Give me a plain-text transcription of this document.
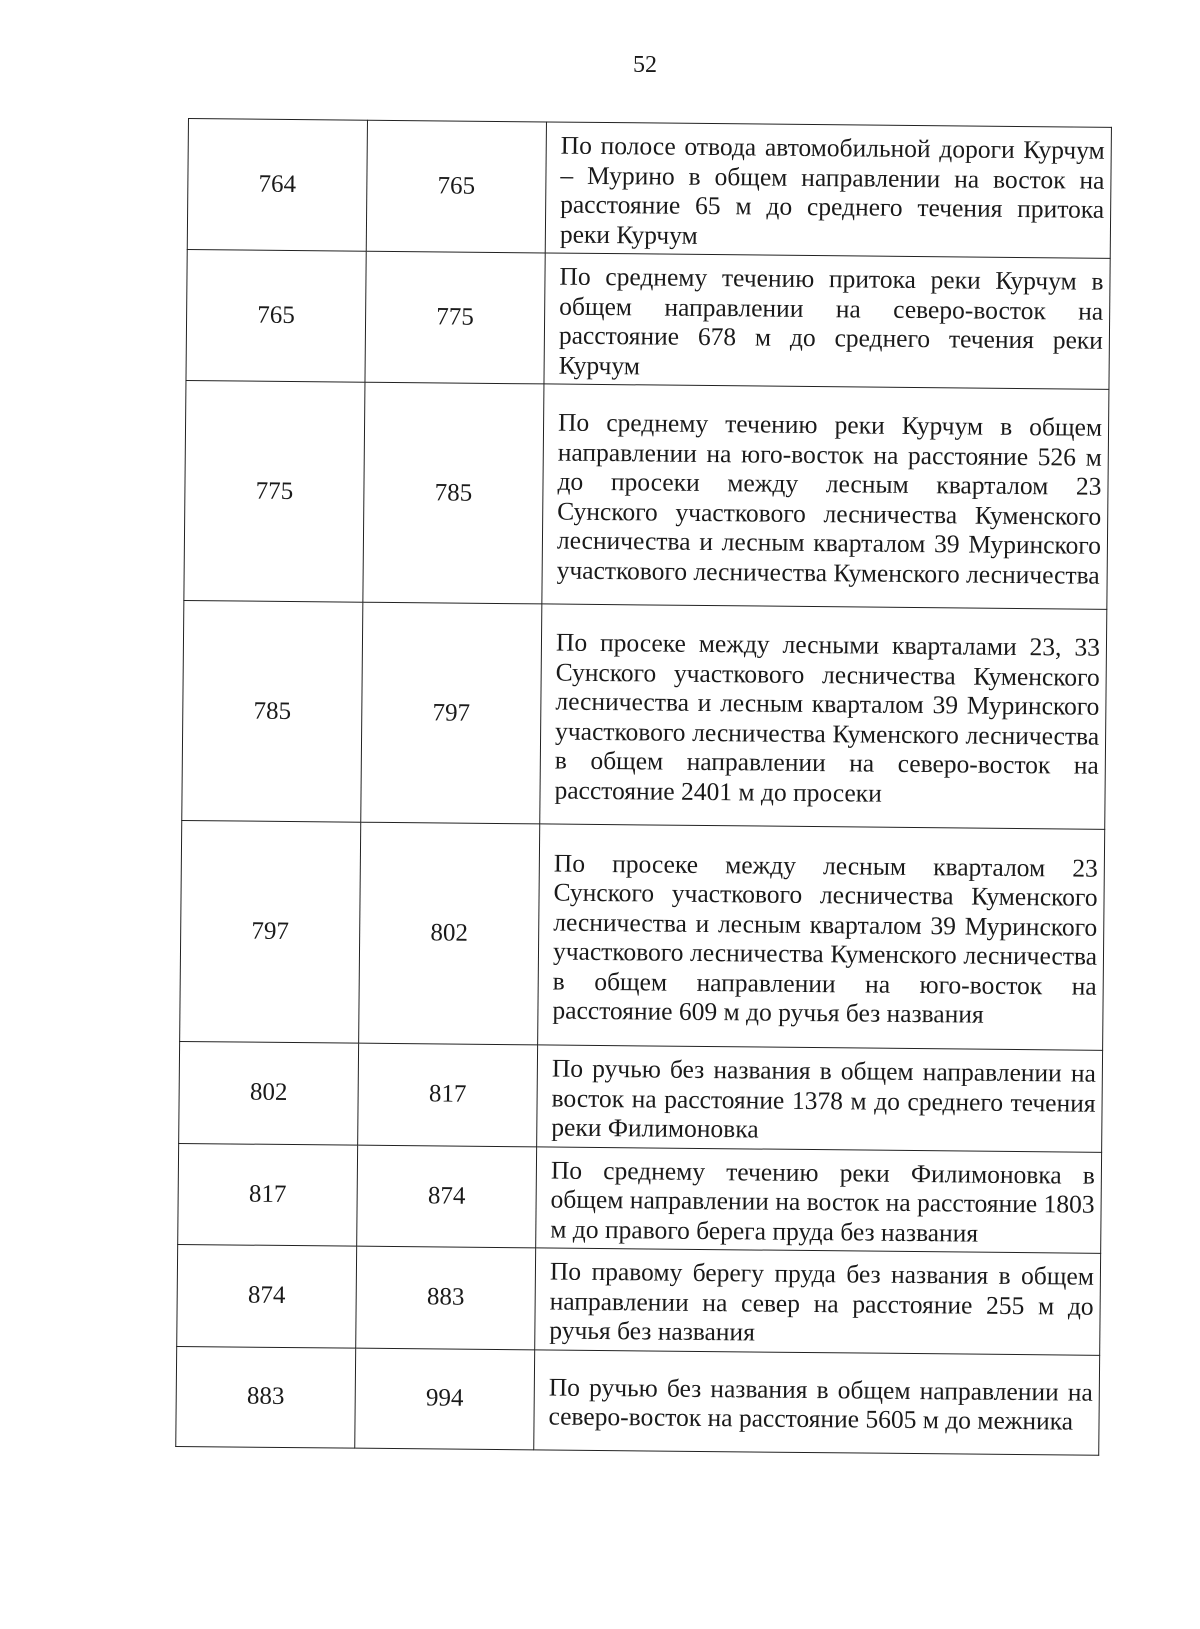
52
764	765	По полосе отвода автомобильной дороги Курчум – Мурино в общем направлении на восток на расстояние 65 м до среднего течения притока реки Курчум
765	775	По среднему течению притока реки Курчум в общем направлении на северо-восток на расстояние 678 м до среднего течения реки Курчум
775	785	По среднему течению реки Курчум в общем направлении на юго-восток на расстояние 526 м до просеки между лесным кварталом 23 Сунского участкового лесничества Куменского лесничества и лесным кварталом 39 Муринского участкового лесничества Куменского лесничества
785	797	По просеке между лесными кварталами 23, 33 Сунского участкового лесничества Куменского лесничества и лесным кварталом 39 Муринского участкового лесничества Куменского лесничества в общем направлении на северо-восток на расстояние 2401 м до просеки
797	802	По просеке между лесным кварталом 23 Сунского участкового лесничества Куменского лесничества и лесным кварталом 39 Муринского участкового лесничества Куменского лесничества в общем направлении на юго-восток на расстояние 609 м до ручья без названия
802	817	По ручью без названия в общем направлении на восток на расстояние 1378 м до среднего течения реки Филимоновка
817	874	По среднему течению реки Филимоновка в общем направлении на восток на расстояние 1803 м до правого берега пруда без названия
874	883	По правому берегу пруда без названия в общем направлении на север на расстояние 255 м до ручья без названия
883	994	По ручью без названия в общем направлении на северо-восток на расстояние 5605 м до межника
